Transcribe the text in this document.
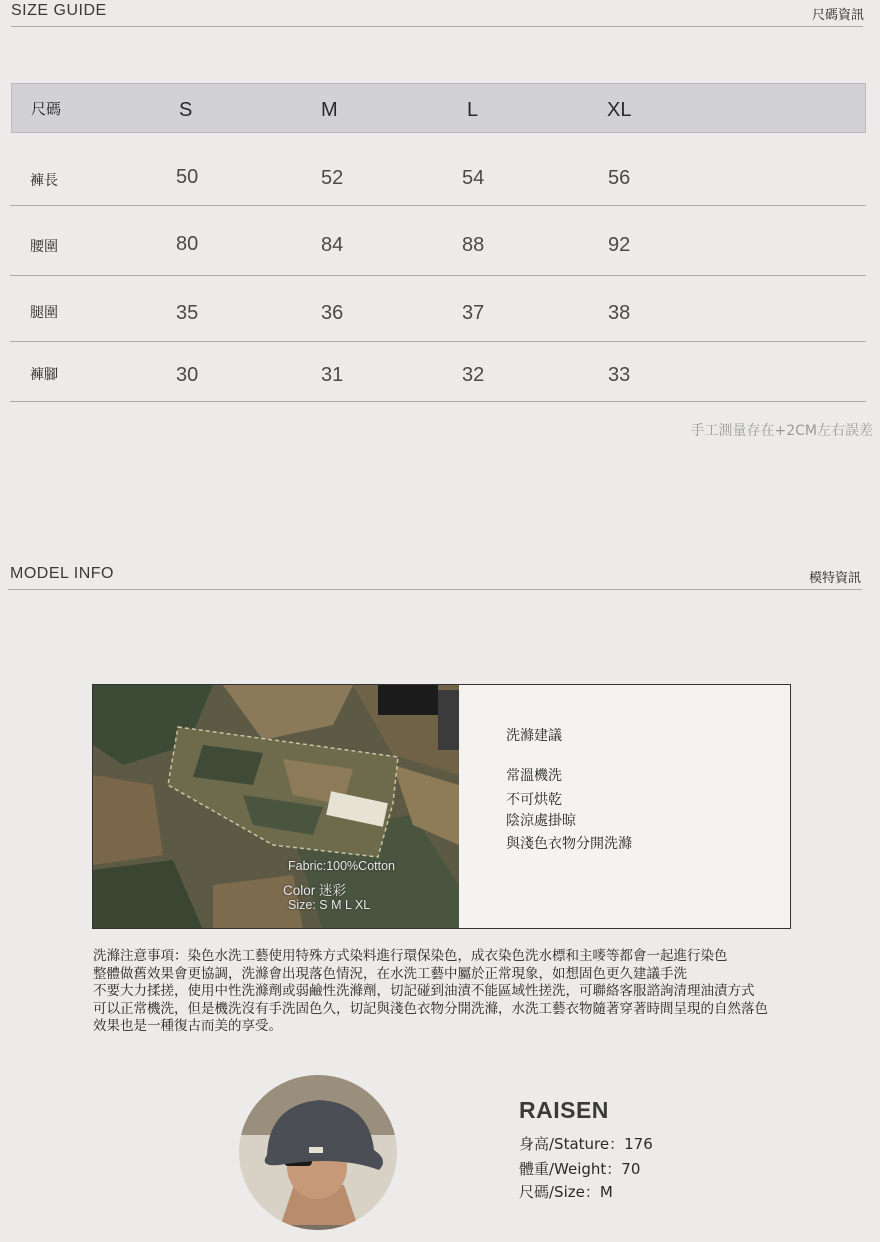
SIZE GUIDE	尺碼資訊
尺碼	S	M	L	XL
褲長	50	52	54	56
腰圍	80	84	88	92
腿圍	35	36	37	38
褲腳	30	31	32	33
手工測量存在+2CM左右誤差
MODEL INFO	模特資訊
Fabric:100%Cotton
Color 迷彩
Size: S M L XL
洗滌建議
常溫機洗
不可烘乾
陰涼處掛晾
與淺色衣物分開洗滌
洗滌注意事項：染色水洗工藝使用特殊方式染料進行環保染色，成衣染色洗水標和主嘜等都會一起進行染色
整體做舊效果會更協調，洗滌會出現落色情況，在水洗工藝中屬於正常現象，如想固色更久建議手洗
不要大力揉搓，使用中性洗滌劑或弱鹼性洗滌劑，切記碰到油漬不能區域性搓洗，可聯絡客服諮詢清理油漬方式
可以正常機洗，但是機洗沒有手洗固色久，切記與淺色衣物分開洗滌，水洗工藝衣物隨著穿著時間呈現的自然落色
效果也是一種復古而美的享受。
RAISEN
身高/Stature：176
體重/Weight：70
尺碼/Size：M
